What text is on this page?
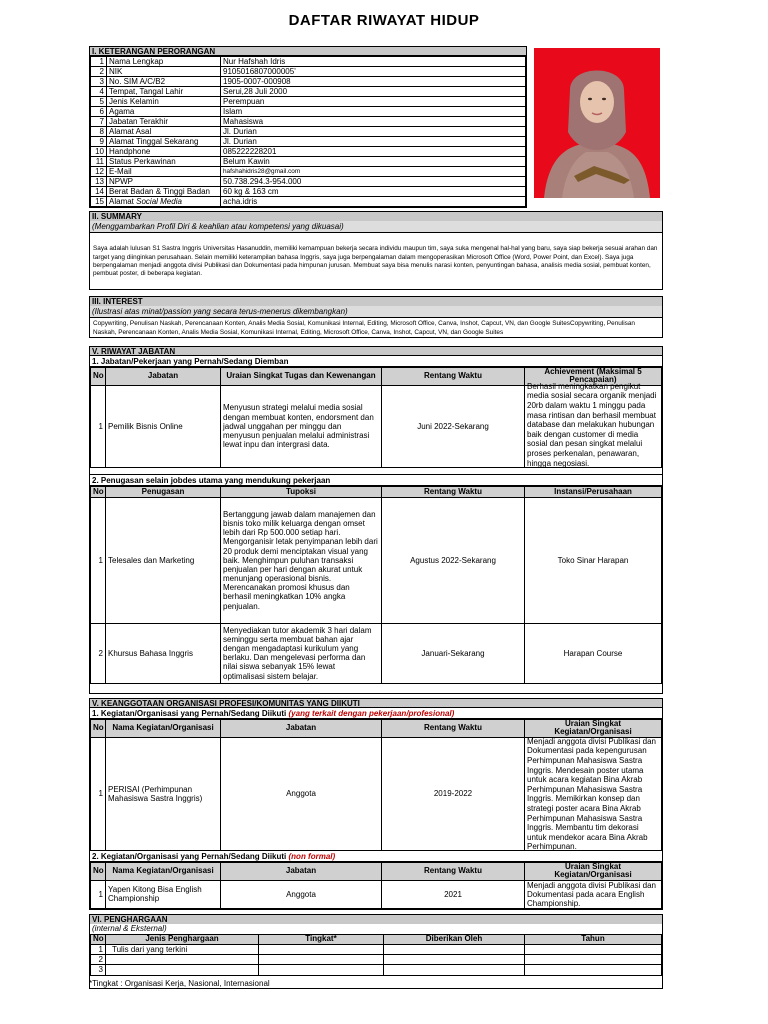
DAFTAR RIWAYAT HIDUP
I. KETERANGAN PERORANGAN
1	Nama Lengkap	Nur Hafshah Idris
2	NIK	9105016807000005'
3	No. SIM A/C/B2	1905-0007-000908
4	Tempat, Tangal Lahir	Serui,28 Juli 2000
5	Jenis Kelamin	Perempuan
6	Agama	Islam
7	Jabatan Terakhir	Mahasiswa
8	Alamat Asal	Jl. Durian
9	Alamat Tinggal Sekarang	Jl. Durian
10	Handphone	085222228201
11	Status Perkawinan	Belum Kawin
12	E-Mail	hafshahidris28@gmail.com
13	NPWP	50.738.294.3-954.000
14	Berat Badan & Tinggi Badan	60 kg & 163 cm
15	Alamat Social Media	acha.idris
II. SUMMARY
(Menggambarkan Profil Diri & keahlian atau kompetensi yang dikuasai)
Saya adalah lulusan S1 Sastra Inggris Universitas Hasanuddin, memiliki kemampuan bekerja secara individu maupun tim, saya suka mengenal hal-hal yang baru, saya siap bekerja sesuai arahan dan target yang diinginkan perusahaan. Selain memiliki keterampilan bahasa Inggris, saya juga berpengalaman dalam mengoperasikan Microsoft Office (Word, Power Point, dan Excel). Saya juga berpengalaman menjadi anggota divisi Publikasi dan Dokumentasi pada himpunan jurusan. Membuat saya bisa menulis narasi konten, penyuntingan bahasa, analisis media sosial, pembuat konten, pembuat poster, di beberapa kegiatan.
III. INTEREST
(Ilustrasi atas minat/passion yang secara terus-menerus dikembangkan)
Copywriting, Penulisan Naskah, Perencanaan Konten, Analis Media Sosial, Komunikasi Internal, Editing, Microsoft Office, Canva, Inshot, Capcut, VN, dan Google SuitesCopywriting, Penulisan Naskah, Perencanaan Konten, Analis Media Sosial, Komunikasi Internal, Editing, Microsoft Office, Canva, Inshot, Capcut, VN, dan Google Suites
V. RIWAYAT JABATAN
1. Jabatan/Pekerjaan yang Pernah/Sedang Diemban
No	Jabatan	Uraian Singkat Tugas dan Kewenangan	Rentang Waktu	Achievement (Maksimal 5 Pencapaian)
1	Pemilik Bisnis Online	Menyusun strategi melalui media sosial dengan membuat konten, endorsment dan jadwal unggahan per minggu dan menyusun penjualan melalui administrasi lewat inpu dan intergrasi data.	Juni 2022-Sekarang	Berhasil meningkatkan pengikut media sosial secara organik menjadi 20rb dalam waktu 1 minggu pada masa rintisan dan berhasil membuat database dan melakukan hubungan baik dengan customer di media sosial dan pesan singkat melalui proses perkenalan, penawaran, hingga negosiasi.
2. Penugasan selain jobdes utama yang mendukung pekerjaan
No	Penugasan	Tupoksi	Rentang Waktu	Instansi/Perusahaan
1	Telesales dan Marketing	Bertanggung jawab dalam manajemen dan bisnis toko milik keluarga dengan omset lebih dari Rp 500.000 setiap hari. Mengorganisir letak penyimpanan lebih dari 20 produk demi menciptakan visual yang baik. Menghimpun puluhan transaksi penjualan per hari dengan akurat untuk menunjang operasional bisnis. Merencanakan promosi khusus dan berhasil meningkatkan 10% angka penjualan.	Agustus 2022-Sekarang	Toko Sinar Harapan
2	Khursus Bahasa Inggris	Menyediakan tutor akademik 3 hari dalam seminggu serta membuat bahan ajar dengan mengadaptasi kurikulum yang berlaku. Dan mengelevasi performa dan nilai siswa sebanyak 15% lewat optimalisasi sistem belajar.	Januari-Sekarang	Harapan Course
V. KEANGGOTAAN ORGANISASI PROFESI/KOMUNITAS YANG DIIKUTI
1. Kegiatan/Organisasi yang Pernah/Sedang Diikuti (yang terkait dengan pekerjaan/profesional)
No	Nama Kegiatan/Organisasi	Jabatan	Rentang Waktu	Uraian Singkat Kegiatan/Organisasi
1	PERISAI (Perhimpunan Mahasiswa Sastra Inggris)	Anggota	2019-2022	Menjadi anggota divisi Publikasi dan Dokumentasi pada kepengurusan Perhimpunan Mahasiswa Sastra Inggris. Mendesain poster utama untuk acara kegiatan Bina Akrab Perhimpunan Mahasiswa Sastra Inggris. Memikirkan konsep dan strategi poster acara Bina Akrab Perhimpunan Mahasiswa Sastra Inggris. Membantu tim dekorasi untuk mendekor acara Bina Akrab Perhimpunan.
2. Kegiatan/Organisasi yang Pernah/Sedang Diikuti (non formal)
No	Nama Kegiatan/Organisasi	Jabatan	Rentang Waktu	Uraian Singkat Kegiatan/Organisasi
1	Yapen Kitong Bisa English Championship	Anggota	2021	Menjadi anggota divisi Publikasi dan Dokumentasi pada acara English Championship.
VI. PENGHARGAAN
(internal & Eksternal)
No	Jenis Penghargaan	Tingkat*	Diberikan Oleh	Tahun
1	Tulis dari yang terkini			
2				
3				
*Tingkat : Organisasi Kerja, Nasional, Internasional
